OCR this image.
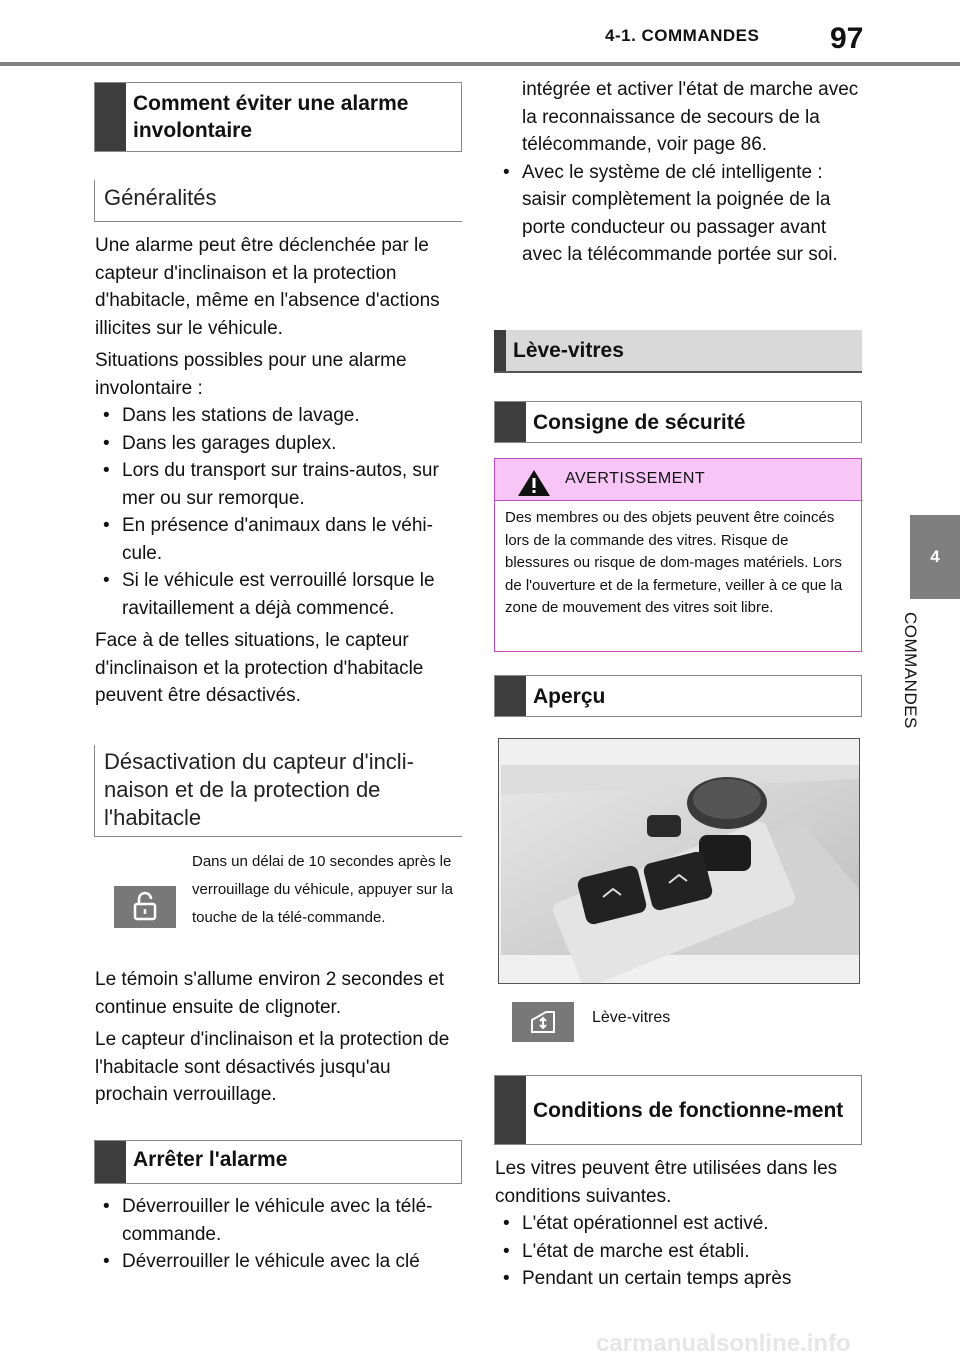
4-1. COMMANDES 97
4
COMMANDES
Comment éviter une alarme involontaire
Généralités
Une alarme peut être déclenchée par le capteur d'inclinaison et la protection d'habitacle, même en l'absence d'actions illicites sur le véhicule.
Situations possibles pour une alarme involontaire :
• Dans les stations de lavage.
• Dans les garages duplex.
• Lors du transport sur trains-autos, sur mer ou sur remorque.
• En présence d'animaux dans le véhi-cule.
• Si le véhicule est verrouillé lorsque le ravitaillement a déjà commencé.
Face à de telles situations, le capteur d'inclinaison et la protection d'habitacle peuvent être désactivés.
Désactivation du capteur d'incli-naison et de la protection de l'habitacle
Dans un délai de 10 secondes après le verrouillage du véhicule, appuyer sur la touche de la télé-commande.
Le témoin s'allume environ 2 secondes et continue ensuite de clignoter.
Le capteur d'inclinaison et la protection de l'habitacle sont désactivés jusqu'au prochain verrouillage.
Arrêter l'alarme
• Déverrouiller le véhicule avec la télé-commande.
• Déverrouiller le véhicule avec la clé
intégrée et activer l'état de marche avec la reconnaissance de secours de la télécommande, voir page 86.
• Avec le système de clé intelligente : saisir complètement la poignée de la porte conducteur ou passager avant avec la télécommande portée sur soi.
Lève-vitres
Consigne de sécurité
AVERTISSEMENT
Des membres ou des objets peuvent être coincés lors de la commande des vitres. Risque de blessures ou risque de dom-mages matériels. Lors de l'ouverture et de la fermeture, veiller à ce que la zone de mouvement des vitres soit libre.
Aperçu
Lève-vitres
Conditions de fonctionne-ment
Les vitres peuvent être utilisées dans les conditions suivantes.
• L'état opérationnel est activé.
• L'état de marche est établi.
• Pendant un certain temps après
carmanualsonline.info
